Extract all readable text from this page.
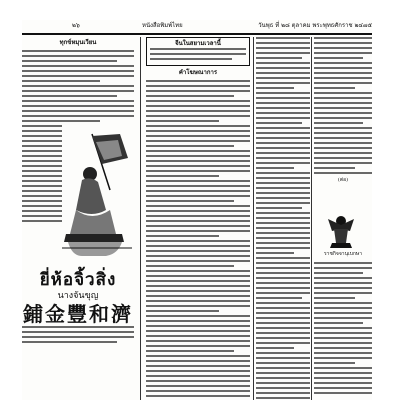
๒๖	หนังสือพิมพ์ไทย	วันพุธ ที่ ๒๘ ตุลาคม พระพุทธศักราช ๒๔๗๕
ทุกข์หมุนเวียน
ยี่ห้อจิ้วสิ่ง
นางจันขุญ
鋪金豐和濟
จีนในสยามเวลานี้
คำโฆษณาการ
(ต่อ)
ราชกิจจานุเบกษา
